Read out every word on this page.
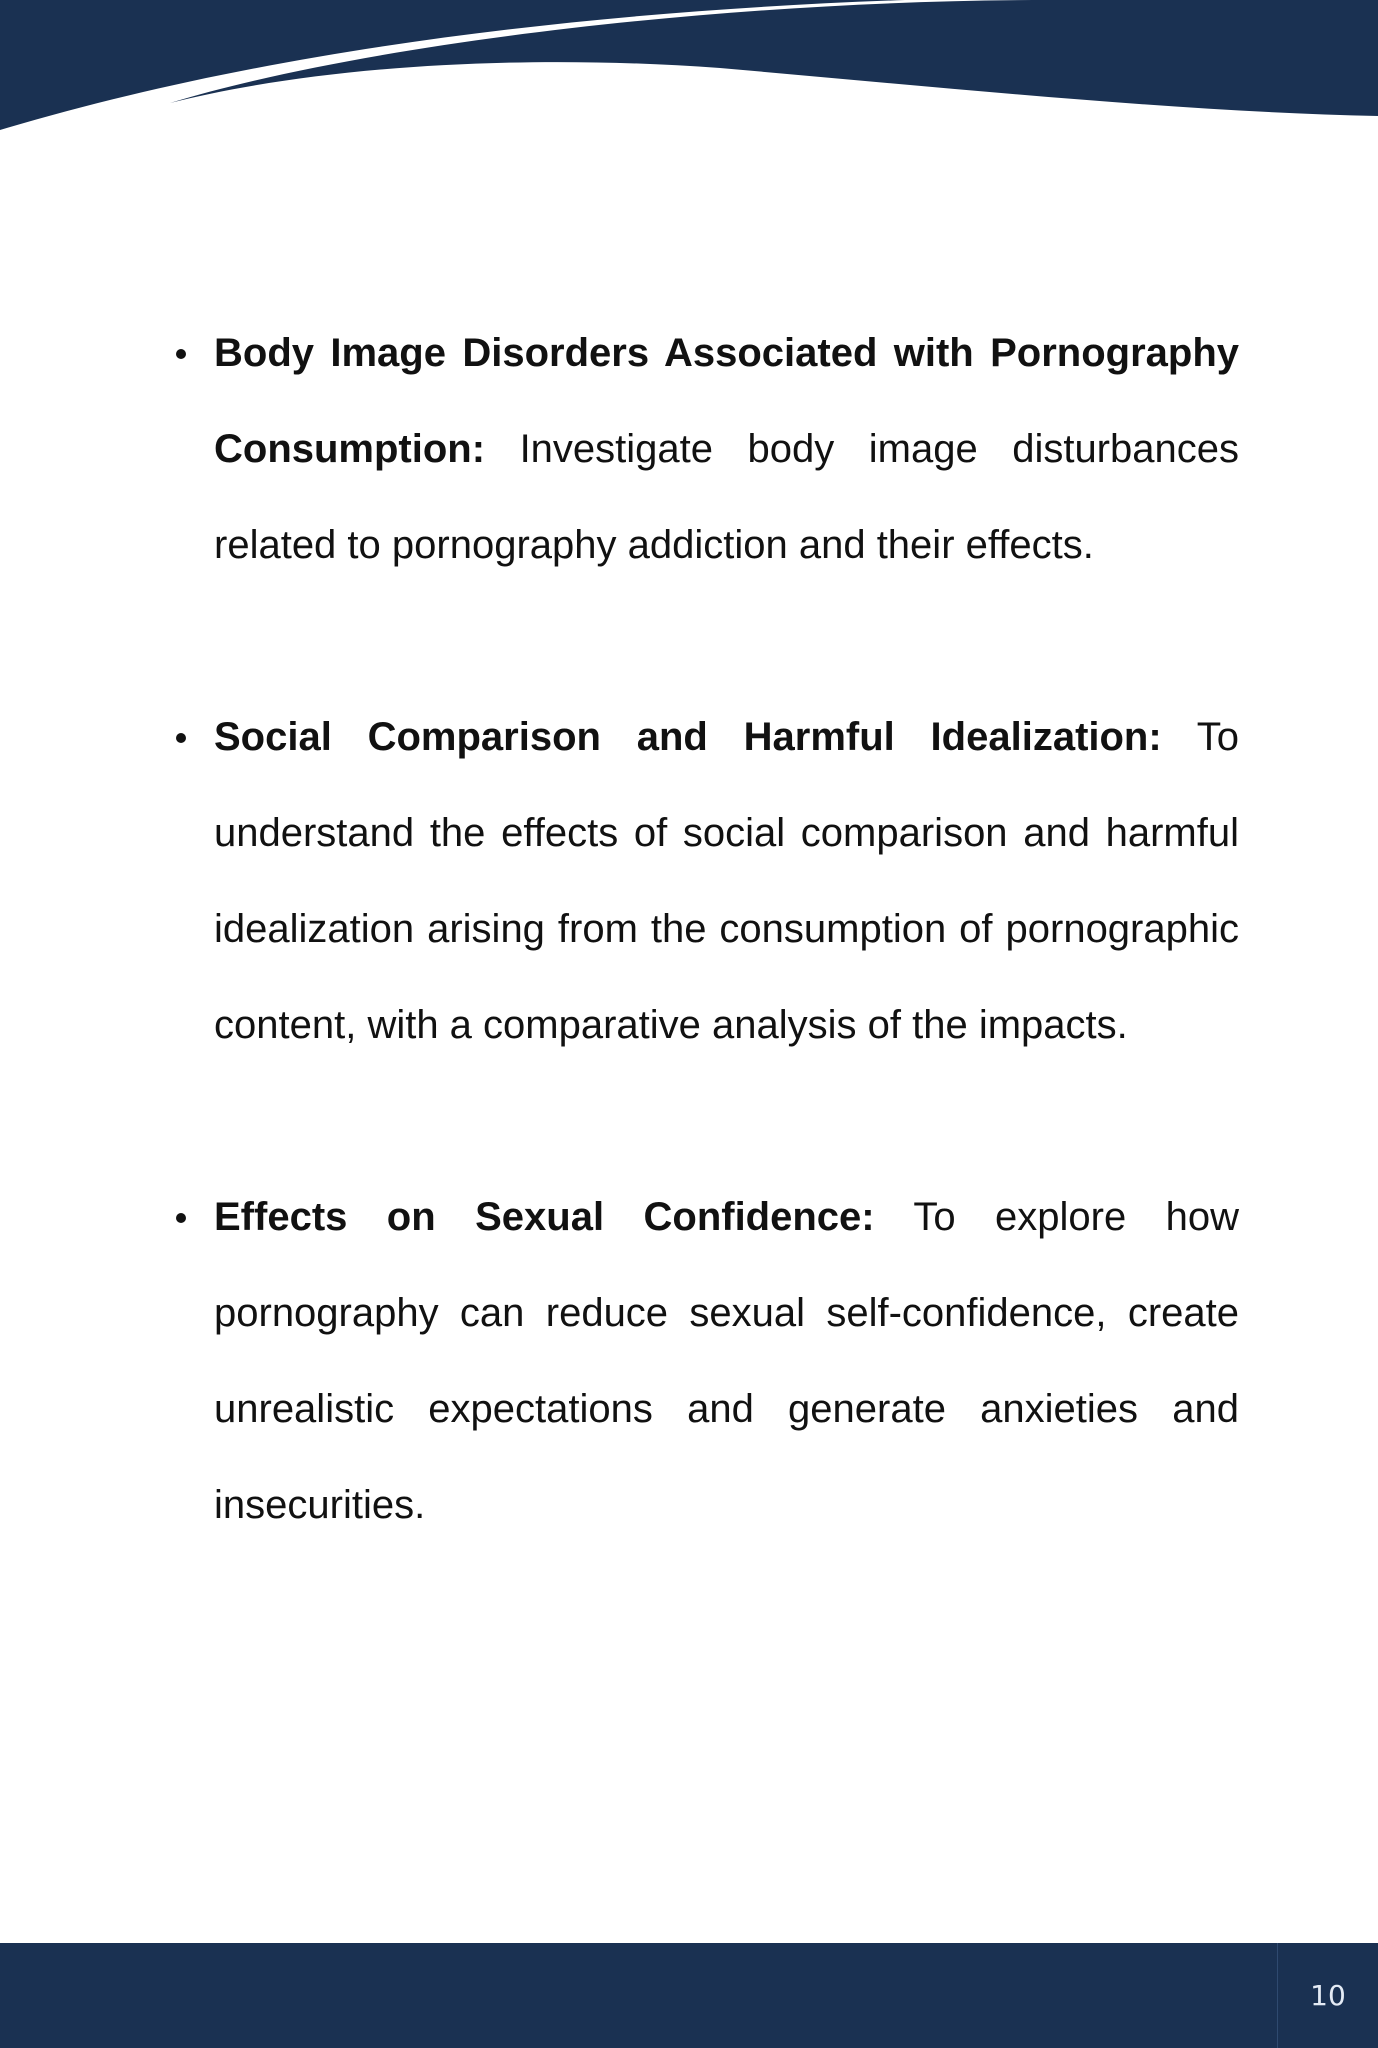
Body Image Disorders Associated with Pornography Consumption: Investigate body image disturbances related to pornography addiction and their effects.
Social Comparison and Harmful Idealization: To understand the effects of social comparison and harmful idealization arising from the consumption of pornographic content, with a comparative analysis of the impacts.
Effects on Sexual Confidence: To explore how pornography can reduce sexual self-confidence, create unrealistic expectations and generate anxieties and insecurities.
10
